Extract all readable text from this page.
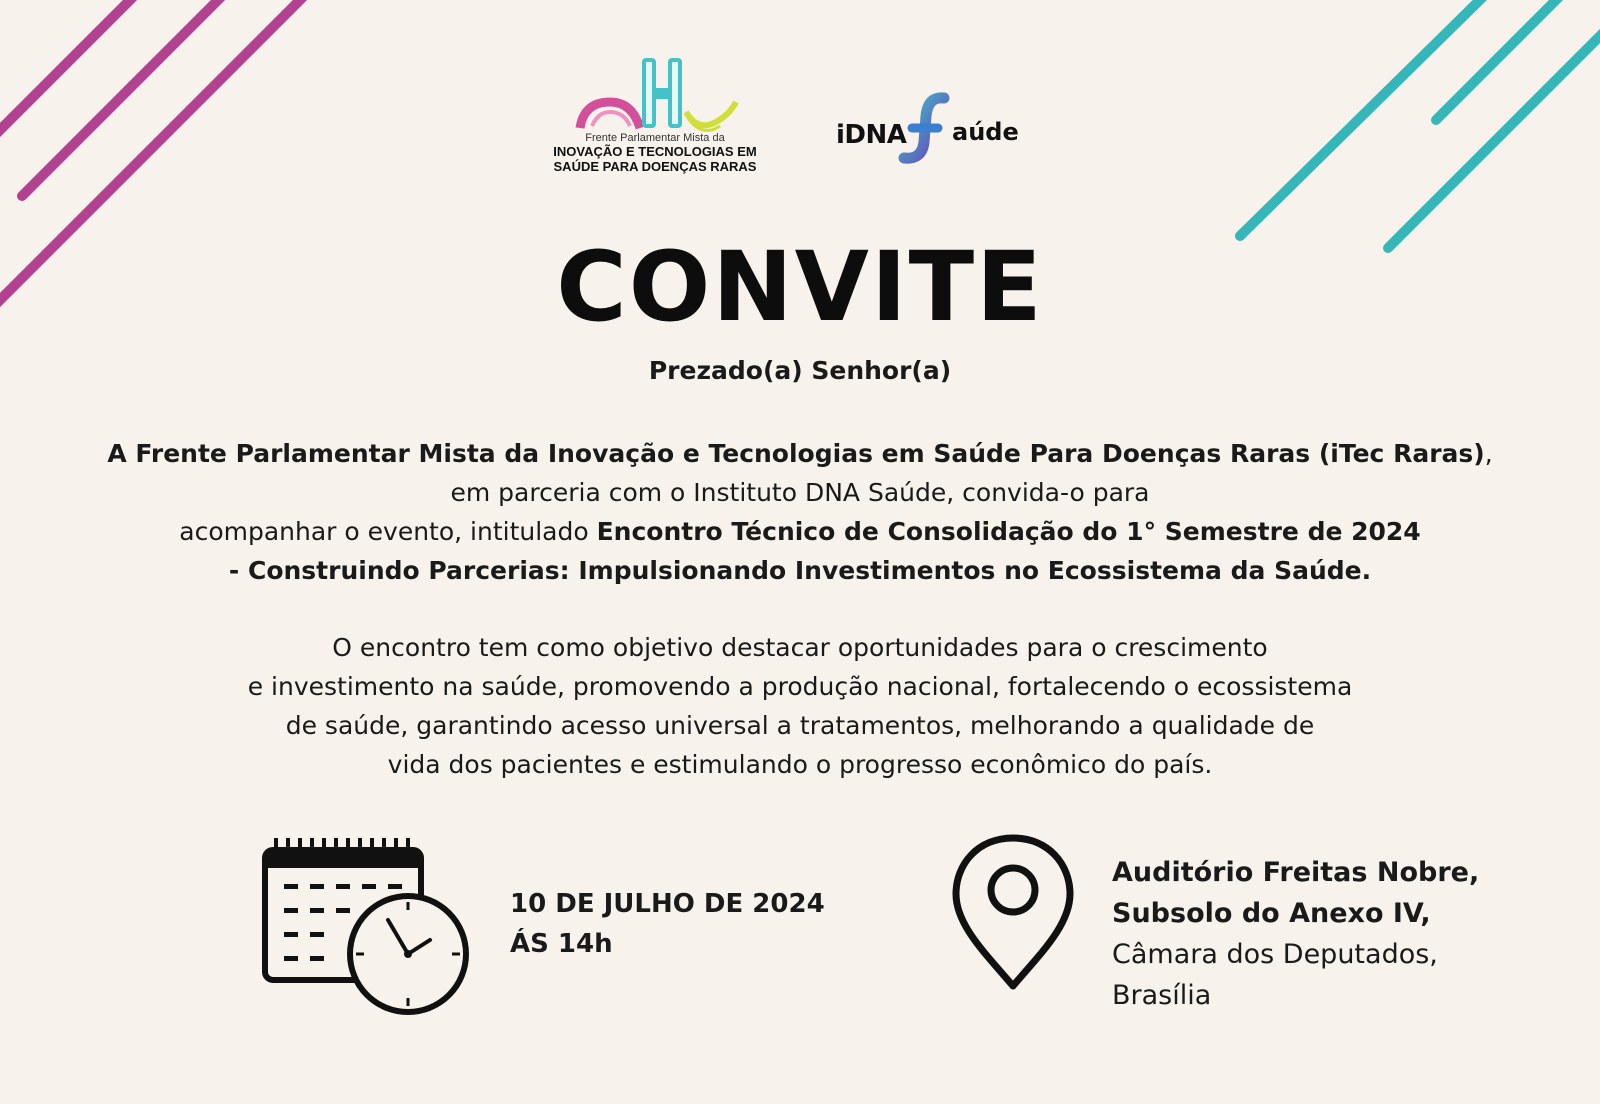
Frente Parlamentar Mista da
INOVAÇÃO E TECNOLOGIAS EM
SAÚDE PARA DOENÇAS RARAS
iDNA aúde
CONVITE
Prezado(a) Senhor(a)
A Frente Parlamentar Mista da Inovação e Tecnologias em Saúde Para Doenças Raras (iTec Raras),
em parceria com o Instituto DNA Saúde, convida-o para
acompanhar o evento, intitulado Encontro Técnico de Consolidação do 1° Semestre de 2024
- Construindo Parcerias: Impulsionando Investimentos no Ecossistema da Saúde.
O encontro tem como objetivo destacar oportunidades para o crescimento
e investimento na saúde, promovendo a produção nacional, fortalecendo o ecossistema
de saúde, garantindo acesso universal a tratamentos, melhorando a qualidade de
vida dos pacientes e estimulando o progresso econômico do país.
10 DE JULHO DE 2024
ÁS 14h
Auditório Freitas Nobre,
Subsolo do Anexo IV,
Câmara dos Deputados,
Brasília
